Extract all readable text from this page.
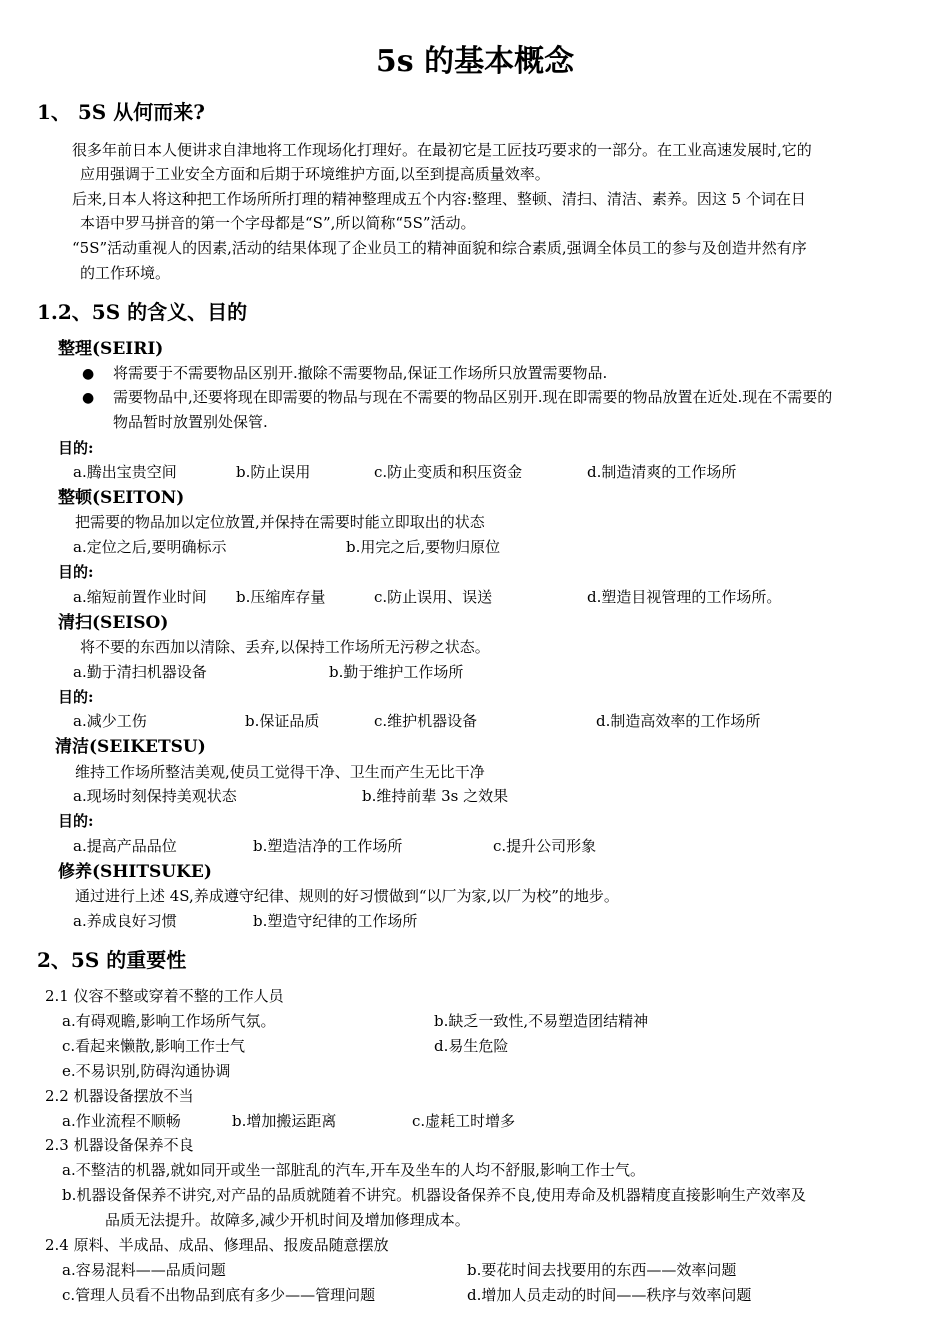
5s 的基本概念
1、 5S 从何而来?
很多年前日本人便讲求自津地将工作现场化打理好。在最初它是工匠技巧要求的一部分。在工业高速发展时,它的
应用强调于工业安全方面和后期于环境维护方面,以至到提高质量效率。
后来,日本人将这种把工作场所所打理的精神整理成五个内容:整理、整顿、清扫、清洁、素养。因这 5 个词在日
本语中罗马拼音的第一个字母都是“S”,所以简称“5S”活动。
“5S”活动重视人的因素,活动的结果体现了企业员工的精神面貌和综合素质,强调全体员工的参与及创造井然有序
的工作环境。
1.2、5S 的含义、目的
整理(SEIRI)
● 将需要于不需要物品区别开.撤除不需要物品,保证工作场所只放置需要物品.
● 需要物品中,还要将现在即需要的物品与现在不需要的物品区别开.现在即需要的物品放置在近处.现在不需要的
物品暂时放置别处保管.
目的:
a.腾出宝贵空间	b.防止误用	c.防止变质和积压资金	d.制造清爽的工作场所
整顿(SEITON)
把需要的物品加以定位放置,并保持在需要时能立即取出的状态
a.定位之后,要明确标示	b.用完之后,要物归原位
目的:
a.缩短前置作业时间 b.压缩库存量	c.防止误用、误送	d.塑造目视管理的工作场所。
清扫(SEISO)
将不要的东西加以清除、丢弃,以保持工作场所无污秽之状态。
a.勤于清扫机器设备	b.勤于维护工作场所
目的:
a.减少工伤	b.保证品质	c.维护机器设备	d.制造高效率的工作场所
清洁(SEIKETSU)
维持工作场所整洁美观,使员工觉得干净、卫生而产生无比干净
a.现场时刻保持美观状态	b.维持前辈 3s 之效果
目的:
a.提高产品品位	b.塑造洁净的工作场所	c.提升公司形象
修养(SHITSUKE)
通过进行上述 4S,养成遵守纪律、规则的好习惯做到“以厂为家,以厂为校”的地步。
a.养成良好习惯	b.塑造守纪律的工作场所
2、5S 的重要性
2.1 仪容不整或穿着不整的工作人员
a.有碍观瞻,影响工作场所气氛。	b.缺乏一致性,不易塑造团结精神
c.看起来懒散,影响工作士气	d.易生危险
e.不易识别,防碍沟通协调
2.2 机器设备摆放不当
a.作业流程不顺畅	b.增加搬运距离	c.虚耗工时增多
2.3 机器设备保养不良
a.不整洁的机器,就如同开或坐一部脏乱的汽车,开车及坐车的人均不舒服,影响工作士气。
b.机器设备保养不讲究,对产品的品质就随着不讲究。机器设备保养不良,使用寿命及机器精度直接影响生产效率及
品质无法提升。故障多,减少开机时间及增加修理成本。
2.4 原料、半成品、成品、修理品、报废品随意摆放
a.容易混料——品质问题	b.要花时间去找要用的东西——效率问题
c.管理人员看不出物品到底有多少——管理问题	d.增加人员走动的时间——秩序与效率问题
